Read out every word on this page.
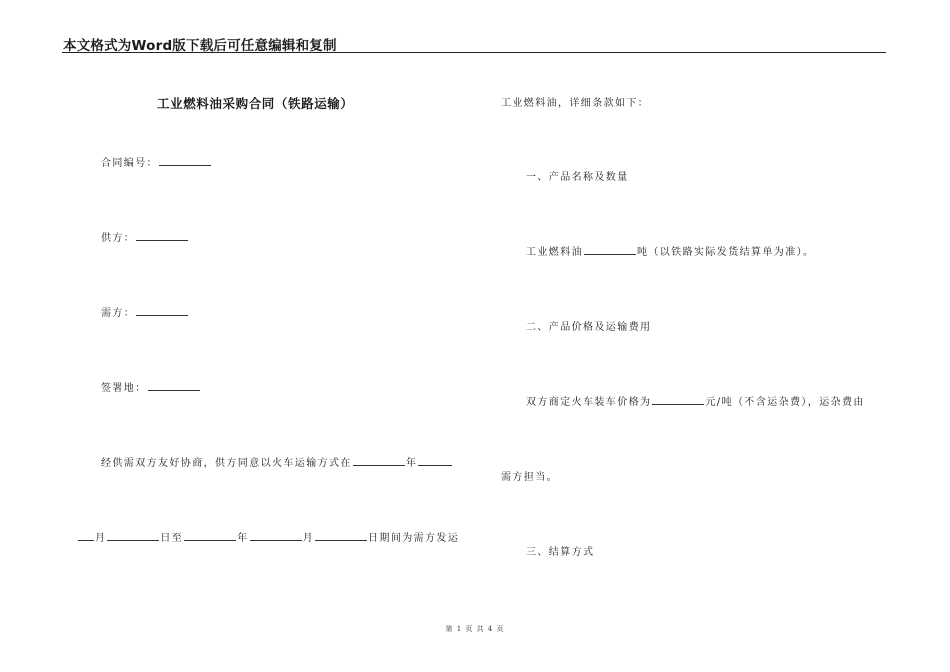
本文格式为Word版下载后可任意编辑和复制
工业燃料油采购合同（铁路运输）
合同编号：
供方：
需方：
签署地：
经供需双方友好协商，供方同意以火车运输方式在	年
月	日至	年	月	日期间为需方发运
工业燃料油，详细条款如下：
一、产品名称及数量
工业燃料油	吨（以铁路实际发货结算单为准）。
二、产品价格及运输费用
双方商定火车装车价格为	元/吨（不含运杂费），运杂费由
需方担当。
三、结算方式
第 1 页 共 4 页
